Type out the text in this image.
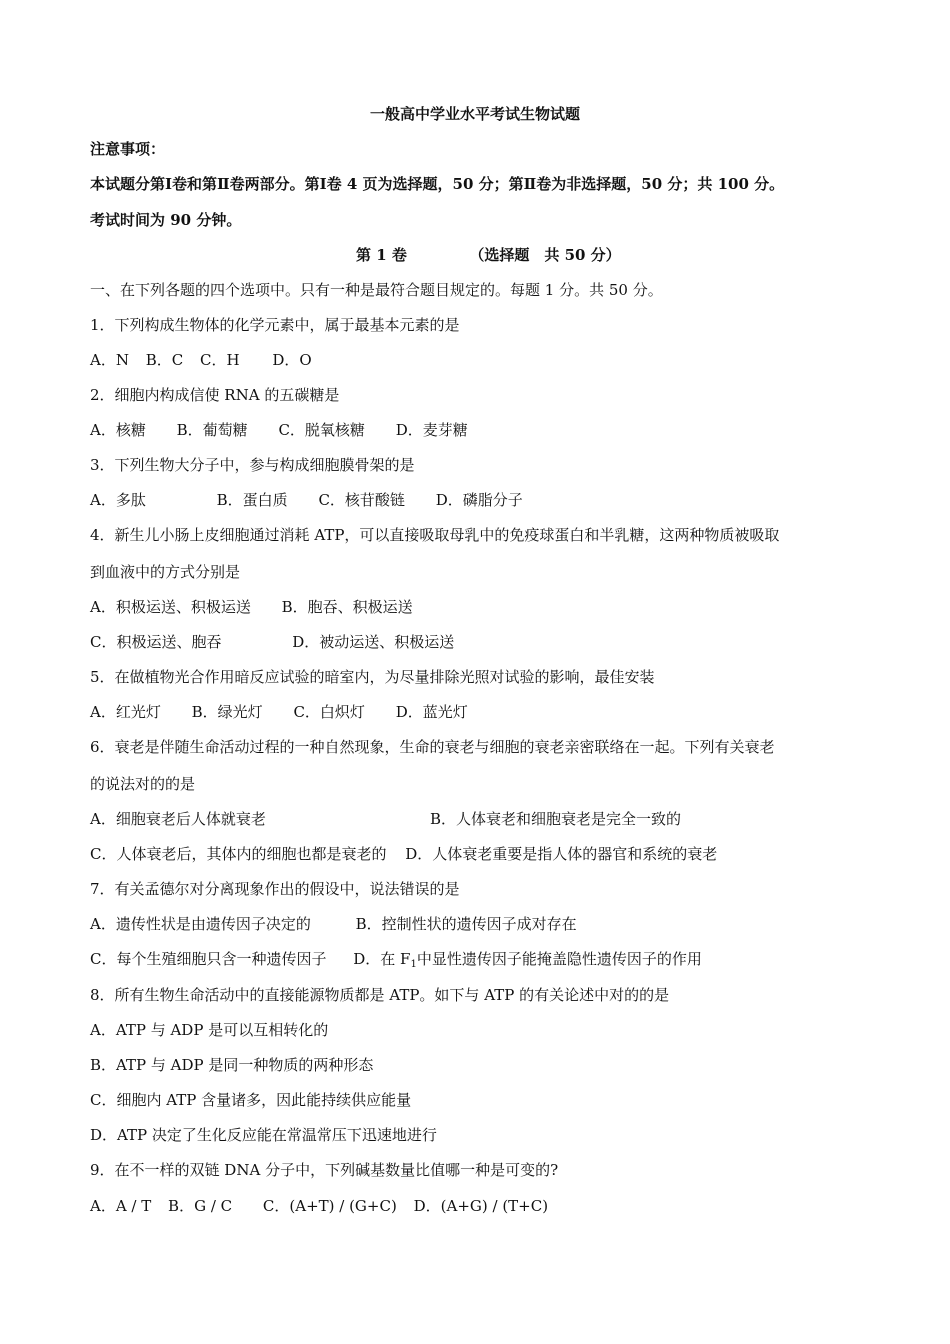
一般高中学业水平考试生物试题
注意事项：
本试题分第Ⅰ卷和第Ⅱ卷两部分。第Ⅰ卷 4 页为选择题，50 分；第Ⅱ卷为非选择题，50 分；共 100 分。
考试时间为 90 分钟。
第 1 卷	（选择题　共 50 分）
一、在下列各题的四个选项中。只有一种是最符合题目规定的。每题 1 分。共 50 分。
1．下列构成生物体的化学元素中，属于最基本元素的是
A．N B．C C．H D．O
2．细胞内构成信使 RNA 的五碳糖是
A．核糖 B．葡萄糖 C．脱氧核糖 D．麦芽糖
3．下列生物大分子中，参与构成细胞膜骨架的是
A．多肽	B．蛋白质 C．核苷酸链 D．磷脂分子
4．新生儿小肠上皮细胞通过消耗 ATP，可以直接吸取母乳中的免疫球蛋白和半乳糖，这两种物质被吸取
到血液中的方式分别是
A．积极运送、积极运送 B．胞吞、积极运送
C．积极运送、胞吞	D．被动运送、积极运送
5．在做植物光合作用暗反应试验的暗室内，为尽量排除光照对试验的影响，最佳安装
A．红光灯 B．绿光灯 C．白炽灯 D．蓝光灯
6．衰老是伴随生命活动过程的一种自然现象，生命的衰老与细胞的衰老亲密联络在一起。下列有关衰老
的说法对的的是
A．细胞衰老后人体就衰老	B．人体衰老和细胞衰老是完全一致的
C．人体衰老后，其体内的细胞也都是衰老的 D．人体衰老重要是指人体的器官和系统的衰老
7．有关孟德尔对分离现象作出的假设中，说法错误的是
A．遗传性状是由遗传因子决定的	B．控制性状的遗传因子成对存在
C．每个生殖细胞只含一种遗传因子 D．在 $F_1$中显性遗传因子能掩盖隐性遗传因子的作用
8．所有生物生命活动中的直接能源物质都是 ATP。如下与 ATP 的有关论述中对的的是
A．ATP 与 ADP 是可以互相转化的
B．ATP 与 ADP 是同一种物质的两种形态
C．细胞内 ATP 含量诸多，因此能持续供应能量
D．ATP 决定了生化反应能在常温常压下迅速地进行
9．在不一样的双链 DNA 分子中，下列碱基数量比值哪一种是可变的?
A．A / T B．G / C C．(A+T) / (G+C) D．(A+G) / (T+C)
